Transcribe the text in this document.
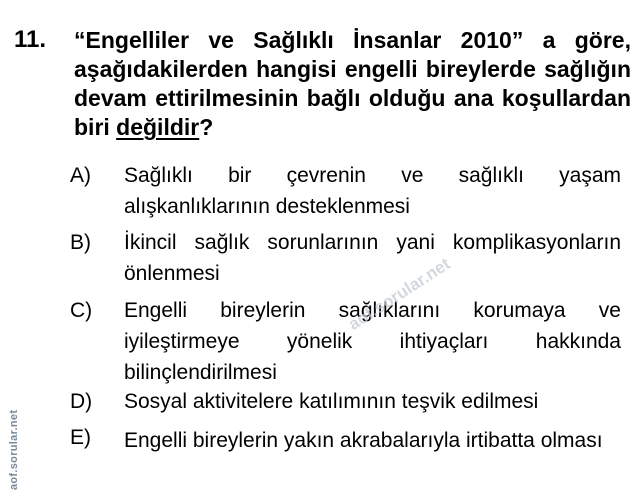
11. “Engelliler ve Sağlıklı İnsanlar 2010” a göre, aşağıdakilerden hangisi engelli bireylerde sağlığın devam ettirilmesinin bağlı olduğu ana koşullardan biri değildir?
A) Sağlıklı bir çevrenin ve sağlıklı yaşam alışkanlıklarının desteklenmesi
B) İkincil sağlık sorunlarının yani komplikasyonların önlenmesi
C) Engelli bireylerin sağlıklarını korumaya ve iyileştirmeye yönelik ihtiyaçları hakkında bilinçlendirilmesi
D) Sosyal aktivitelere katılımının teşvik edilmesi
E) Engelli bireylerin yakın akrabalarıyla irtibatta olması
aof.sorular.net
aof.sorular.net
